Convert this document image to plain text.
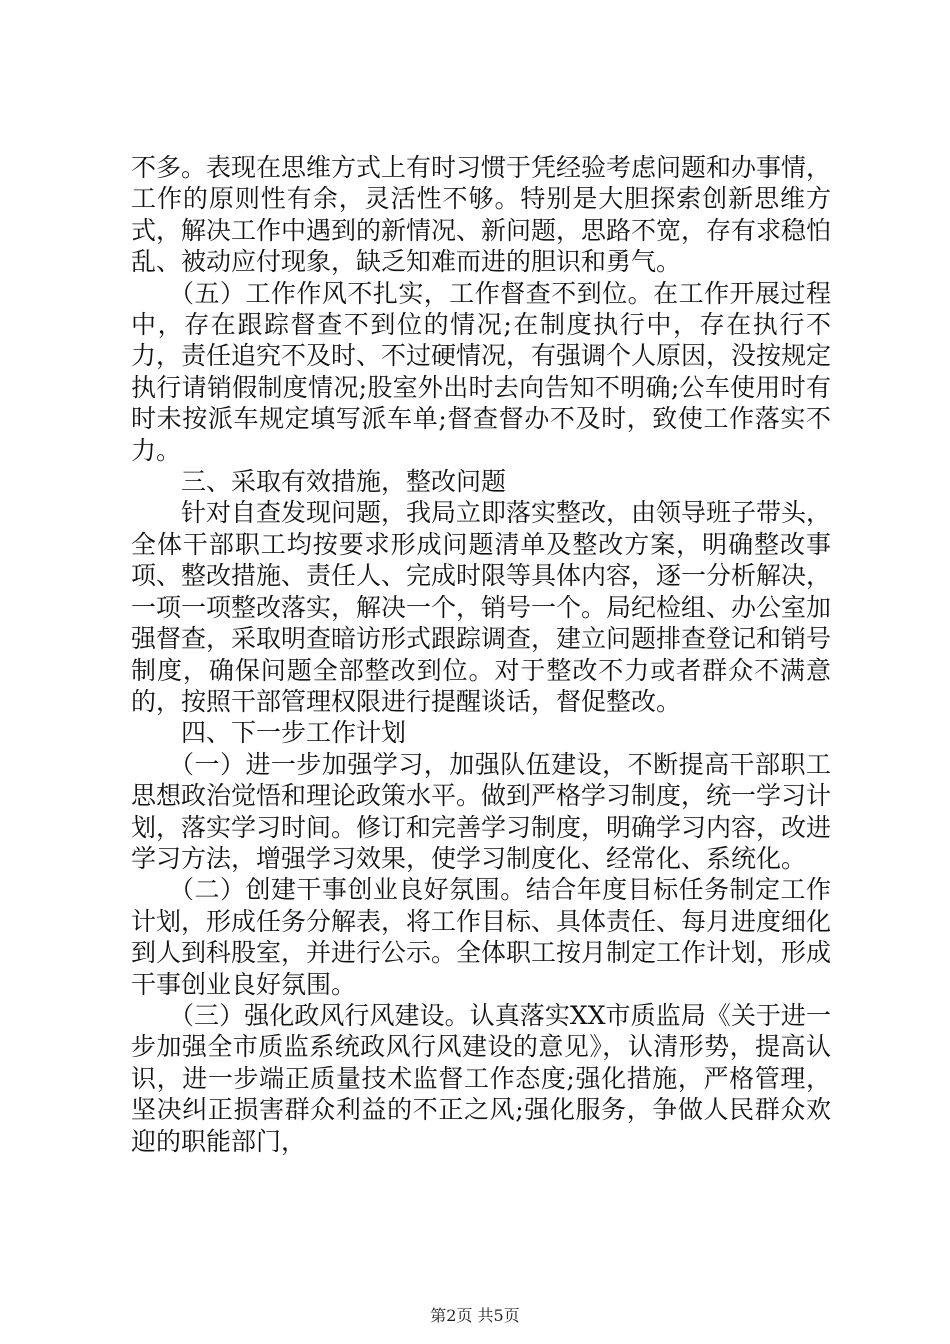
不多。表现在思维方式上有时习惯于凭经验考虑问题和办事情，工作的原则性有余，灵活性不够。特别是大胆探索创新思维方式，解决工作中遇到的新情况、新问题，思路不宽，存有求稳怕乱、被动应付现象，缺乏知难而进的胆识和勇气。

（五）工作作风不扎实，工作督查不到位。在工作开展过程中，存在跟踪督查不到位的情况;在制度执行中，存在执行不力，责任追究不及时、不过硬情况，有强调个人原因，没按规定执行请销假制度情况;股室外出时去向告知不明确;公车使用时有时未按派车规定填写派车单;督查督办不及时，致使工作落实不力。

三、采取有效措施，整改问题

针对自查发现问题，我局立即落实整改，由领导班子带头，全体干部职工均按要求形成问题清单及整改方案，明确整改事项、整改措施、责任人、完成时限等具体内容，逐一分析解决，一项一项整改落实，解决一个，销号一个。局纪检组、办公室加强督查，采取明查暗访形式跟踪调查，建立问题排查登记和销号制度，确保问题全部整改到位。对于整改不力或者群众不满意的，按照干部管理权限进行提醒谈话，督促整改。

四、下一步工作计划

（一）进一步加强学习，加强队伍建设，不断提高干部职工思想政治觉悟和理论政策水平。做到严格学习制度，统一学习计划，落实学习时间。修订和完善学习制度，明确学习内容，改进学习方法，增强学习效果，使学习制度化、经常化、系统化。

（二）创建干事创业良好氛围。结合年度目标任务制定工作计划，形成任务分解表，将工作目标、具体责任、每月进度细化到人到科股室，并进行公示。全体职工按月制定工作计划，形成干事创业良好氛围。

（三）强化政风行风建设。认真落实XX市质监局《关于进一步加强全市质监系统政风行风建设的意见》，认清形势，提高认识，进一步端正质量技术监督工作态度;强化措施，严格管理，坚决纠正损害群众利益的不正之风;强化服务，争做人民群众欢迎的职能部门，

第2页 共5页
